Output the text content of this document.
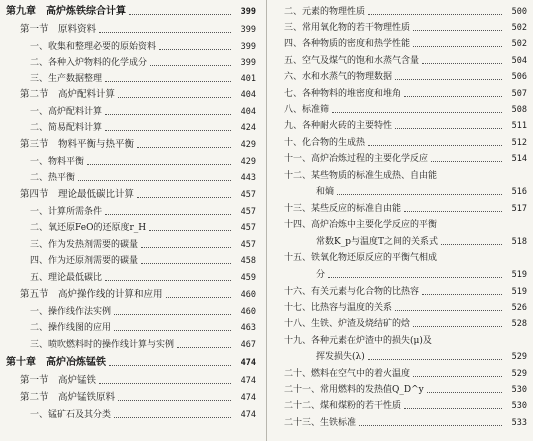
第九章　高炉炼铁综合计算	399
第一节　原料资料	399
一、收集和整理必要的原始资料	399
二、各种入炉物料的化学成分	399
三、生产数据整理	401
第二节　高炉配料计算	404
一、高炉配料计算	404
二、简易配料计算	424
第三节　物料平衡与热平衡	429
一、物料平衡	429
二、热平衡	443
第四节　理论最低碳比计算	457
一、计算所需条件	457
二、氧还原FeO的还原度r_H	457
三、作为发热剂需要的碳量	457
四、作为还原剂需要的碳量	458
五、理论最低碳比	459
第五节　高炉操作线的计算和应用	460
一、操作线作法实例	460
二、操作线图的应用	463
三、喷吹燃料时的操作线计算与实例	467
第十章　高炉冶炼锰铁	474
第一节　高炉锰铁	474
第二节　高炉锰铁原料	474
一、锰矿石及其分类	474
二、元素的物理性质	500
三、常用氧化物的若干物理性质	502
四、各种物质的密度和热学性能	502
五、空气及煤气的饱和水蒸气含量	504
六、水和水蒸气的物理数据	506
七、各种物料的堆密度和堆角	507
八、标准筛	508
九、各种耐火砖的主要特性	511
十、化合物的生成热	512
十一、高炉冶炼过程的主要化学反应	514
十二、某些物质的标准生成热、自由能
和熵	516
十三、某些反应的标准自由能	517
十四、高炉冶炼中主要化学反应的平衡
常数K_p与温度T之间的关系式	518
十五、铁氧化物还原反应的平衡气相成
分	519
十六、有关元素与化合物的比热容	519
十七、比热容与温度的关系	526
十八、生铁、炉渣及烧结矿的焓	528
十九、各种元素在炉渣中的损失(μ)及
挥发损失(λ)	529
二十、燃料在空气中的着火温度	529
二十一、常用燃料的发热值Q_D^y	530
二十二、煤和煤粉的若干性质	530
二十三、生铁标准	533
